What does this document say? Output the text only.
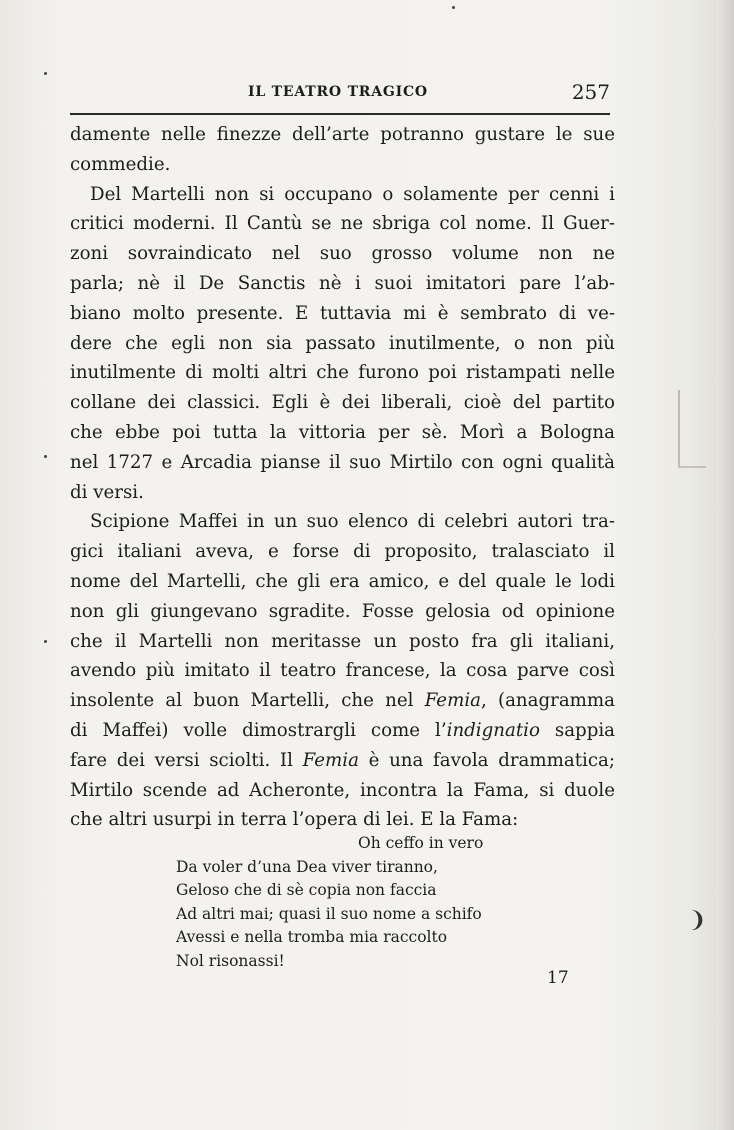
IL TEATRO TRAGICO	257

damente nelle finezze dell’arte potranno gustare le sue
commedie.

Del Martelli non si occupano o solamente per cenni i
critici moderni. Il Cantù se ne sbriga col nome. Il Guer-
zoni sovraindicato nel suo grosso volume non ne
parla; nè il De Sanctis nè i suoi imitatori pare l’ab-
biano molto presente. E tuttavia mi è sembrato di ve-
dere che egli non sia passato inutilmente, o non più
inutilmente di molti altri che furono poi ristampati nelle
collane dei classici. Egli è dei liberali, cioè del partito
che ebbe poi tutta la vittoria per sè. Morì a Bologna
nel 1727 e Arcadia pianse il suo Mirtilo con ogni qualità
di versi.

Scipione Maffei in un suo elenco di celebri autori tra-
gici italiani aveva, e forse di proposito, tralasciato il
nome del Martelli, che gli era amico, e del quale le lodi
non gli giungevano sgradite. Fosse gelosia od opinione
che il Martelli non meritasse un posto fra gli italiani,
avendo più imitato il teatro francese, la cosa parve così
insolente al buon Martelli, che nel Femia, (anagramma
di Maffei) volle dimostrargli come l’indignatio sappia
fare dei versi sciolti. Il Femia è una favola drammatica;
Mirtilo scende ad Acheronte, incontra la Fama, si duole
che altri usurpi in terra l’opera di lei. E la Fama:

Oh ceffo in vero
Da voler d’una Dea viver tiranno,
Geloso che di sè copia non faccia
Ad altri mai; quasi il suo nome a schifo
Avessi e nella tromba mia raccolto
Nol risonassi!
17
❩
